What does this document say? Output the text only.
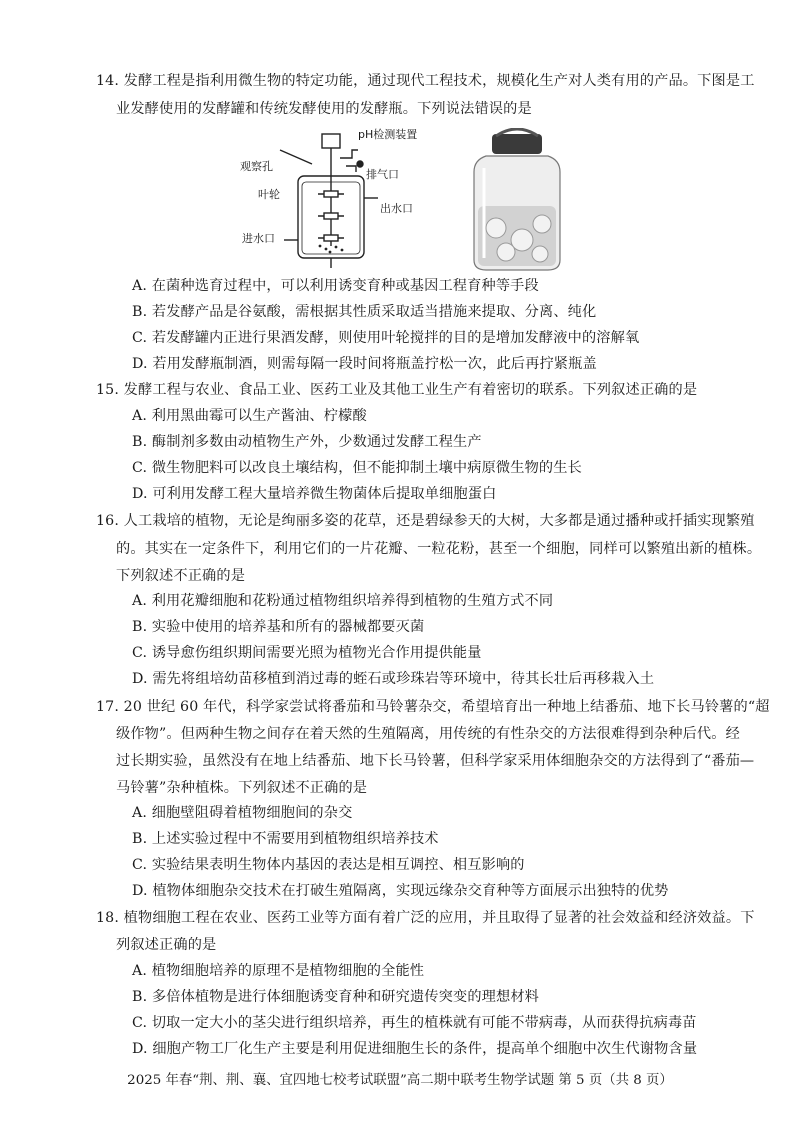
14. 发酵工程是指利用微生物的特定功能，通过现代工程技术，规模化生产对人类有用的产品。下图是工
业发酵使用的发酵罐和传统发酵使用的发酵瓶。下列说法错误的是
pH检测装置
观察孔
排气口
叶轮
出水口
进水口
A. 在菌种选育过程中，可以利用诱变育种或基因工程育种等手段
B. 若发酵产品是谷氨酸，需根据其性质采取适当措施来提取、分离、纯化
C. 若发酵罐内正进行果酒发酵，则使用叶轮搅拌的目的是增加发酵液中的溶解氧
D. 若用发酵瓶制酒，则需每隔一段时间将瓶盖拧松一次，此后再拧紧瓶盖
15. 发酵工程与农业、食品工业、医药工业及其他工业生产有着密切的联系。下列叙述正确的是
A. 利用黑曲霉可以生产酱油、柠檬酸
B. 酶制剂多数由动植物生产外，少数通过发酵工程生产
C. 微生物肥料可以改良土壤结构，但不能抑制土壤中病原微生物的生长
D. 可利用发酵工程大量培养微生物菌体后提取单细胞蛋白
16. 人工栽培的植物，无论是绚丽多姿的花草，还是碧绿参天的大树，大多都是通过播种或扦插实现繁殖
的。其实在一定条件下，利用它们的一片花瓣、一粒花粉，甚至一个细胞，同样可以繁殖出新的植株。
下列叙述不正确的是
A. 利用花瓣细胞和花粉通过植物组织培养得到植物的生殖方式不同
B. 实验中使用的培养基和所有的器械都要灭菌
C. 诱导愈伤组织期间需要光照为植物光合作用提供能量
D. 需先将组培幼苗移植到消过毒的蛭石或珍珠岩等环境中，待其长壮后再移栽入土
17. 20 世纪 60 年代，科学家尝试将番茄和马铃薯杂交，希望培育出一种地上结番茄、地下长马铃薯的“超
级作物”。但两种生物之间存在着天然的生殖隔离，用传统的有性杂交的方法很难得到杂种后代。经
过长期实验，虽然没有在地上结番茄、地下长马铃薯，但科学家采用体细胞杂交的方法得到了“番茄—
马铃薯”杂种植株。下列叙述不正确的是
A. 细胞壁阻碍着植物细胞间的杂交
B. 上述实验过程中不需要用到植物组织培养技术
C. 实验结果表明生物体内基因的表达是相互调控、相互影响的
D. 植物体细胞杂交技术在打破生殖隔离，实现远缘杂交育种等方面展示出独特的优势
18. 植物细胞工程在农业、医药工业等方面有着广泛的应用，并且取得了显著的社会效益和经济效益。下
列叙述正确的是
A. 植物细胞培养的原理不是植物细胞的全能性
B. 多倍体植物是进行体细胞诱变育种和研究遗传突变的理想材料
C. 切取一定大小的茎尖进行组织培养，再生的植株就有可能不带病毒，从而获得抗病毒苗
D. 细胞产物工厂化生产主要是利用促进细胞生长的条件，提高单个细胞中次生代谢物含量
2025 年春“荆、荆、襄、宜四地七校考试联盟”高二期中联考生物学试题 第 5 页（共 8 页）
